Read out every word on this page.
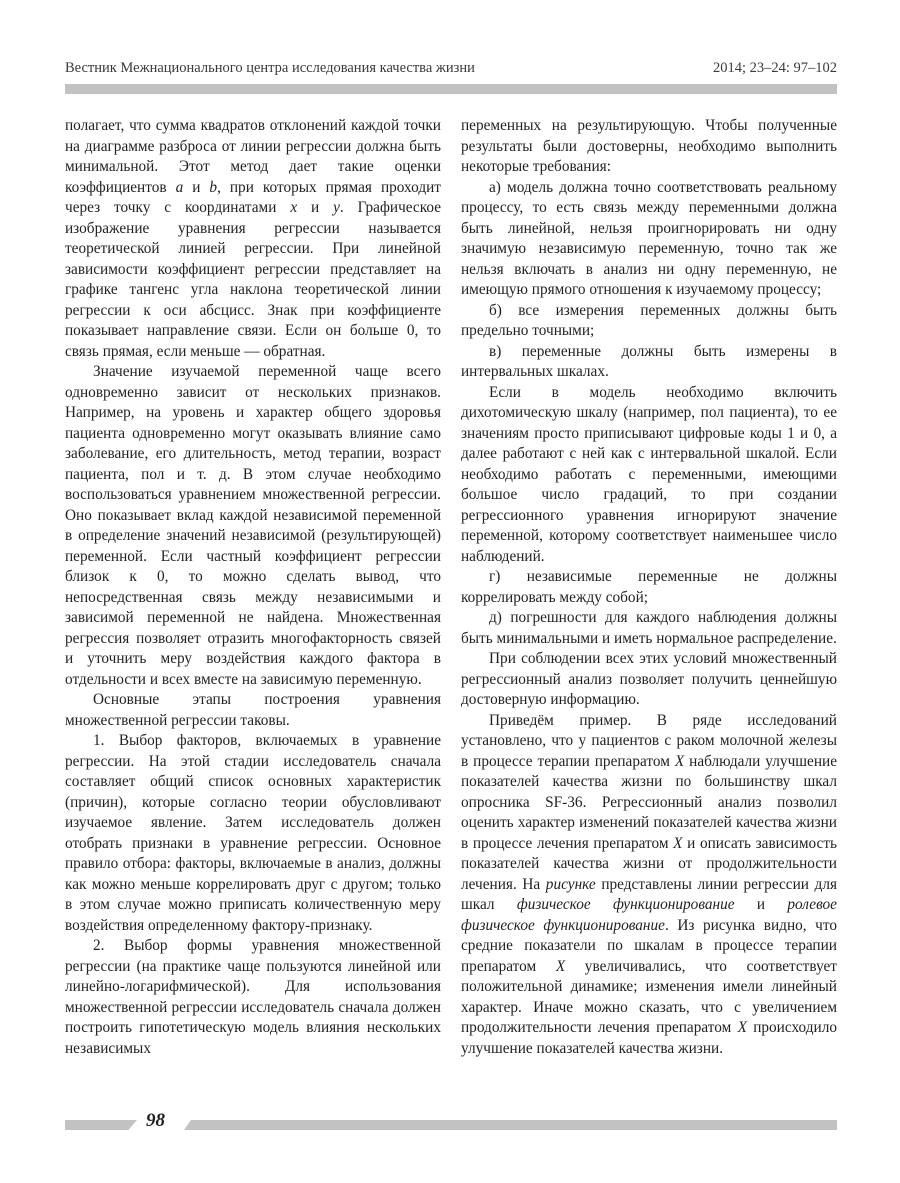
Вестник Межнационального центра исследования качества жизни	2014; 23–24: 97–102

полагает, что сумма квадратов отклонений каждой точки на диаграмме разброса от линии регрессии должна быть минимальной. Этот метод дает такие оценки коэффициентов a и b, при которых прямая проходит через точку с координатами x и y. Графическое изображение уравнения регрессии называется теоретической линией регрессии. При линейной зависимости коэффициент регрессии представляет на графике тангенс угла наклона теоретической линии регрессии к оси абсцисс. Знак при коэффициенте показывает направление связи. Если он больше 0, то связь прямая, если меньше — обратная.

Значение изучаемой переменной чаще всего одновременно зависит от нескольких признаков. Например, на уровень и характер общего здоровья пациента одновременно могут оказывать влияние само заболевание, его длительность, метод терапии, возраст пациента, пол и т. д. В этом случае необходимо воспользоваться уравнением множественной регрессии. Оно показывает вклад каждой независимой переменной в определение значений независимой (результирующей) переменной. Если частный коэффициент регрессии близок к 0, то можно сделать вывод, что непосредственная связь между независимыми и зависимой переменной не найдена. Множественная регрессия позволяет отразить многофакторность связей и уточнить меру воздействия каждого фактора в отдельности и всех вместе на зависимую переменную.

Основные этапы построения уравнения множественной регрессии таковы.

1. Выбор факторов, включаемых в уравнение регрессии. На этой стадии исследователь сначала составляет общий список основных характеристик (причин), которые согласно теории обусловливают изучаемое явление. Затем исследователь должен отобрать признаки в уравнение регрессии. Основное правило отбора: факторы, включаемые в анализ, должны как можно меньше коррелировать друг с другом; только в этом случае можно приписать количественную меру воздействия определенному фактору-признаку.

2. Выбор формы уравнения множественной регрессии (на практике чаще пользуются линейной или линейно-логарифмической). Для использования множественной регрессии исследователь сначала должен построить гипотетическую модель влияния нескольких независимых

переменных на результирующую. Чтобы полученные результаты были достоверны, необходимо выполнить некоторые требования:

а) модель должна точно соответствовать реальному процессу, то есть связь между переменными должна быть линейной, нельзя проигнорировать ни одну значимую независимую переменную, точно так же нельзя включать в анализ ни одну переменную, не имеющую прямого отношения к изучаемому процессу;

б) все измерения переменных должны быть предельно точными;

в) переменные должны быть измерены в интервальных шкалах.

Если в модель необходимо включить дихотомическую шкалу (например, пол пациента), то ее значениям просто приписывают цифровые коды 1 и 0, а далее работают с ней как с интервальной шкалой. Если необходимо работать с переменными, имеющими большое число градаций, то при создании регрессионного уравнения игнорируют значение переменной, которому соответствует наименьшее число наблюдений.

г) независимые переменные не должны коррелировать между собой;

д) погрешности для каждого наблюдения должны быть минимальными и иметь нормальное распределение.

При соблюдении всех этих условий множественный регрессионный анализ позволяет получить ценнейшую достоверную информацию.

Приведём пример. В ряде исследований установлено, что у пациентов с раком молочной железы в процессе терапии препаратом X наблюдали улучшение показателей качества жизни по большинству шкал опросника SF-36. Регрессионный анализ позволил оценить характер изменений показателей качества жизни в процессе лечения препаратом X и описать зависимость показателей качества жизни от продолжительности лечения. На рисунке представлены линии регрессии для шкал физическое функционирование и ролевое физическое функционирование. Из рисунка видно, что средние показатели по шкалам в процессе терапии препаратом X увеличивались, что соответствует положительной динамике; изменения имели линейный характер. Иначе можно сказать, что с увеличением продолжительности лечения препаратом X происходило улучшение показателей качества жизни.

98
